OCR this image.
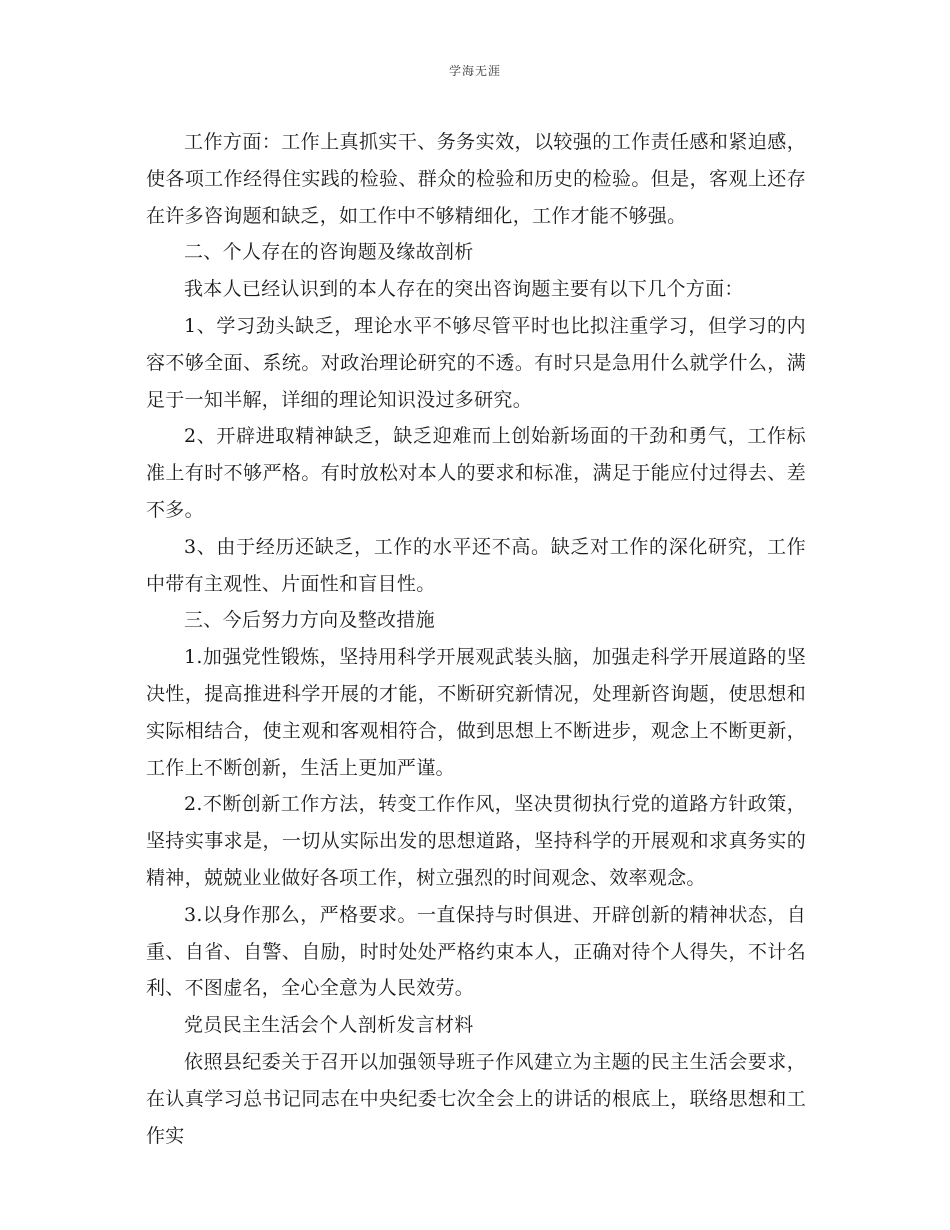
学海无涯

工作方面：工作上真抓实干、务务实效，以较强的工作责任感和紧迫感，使各项工作经得住实践的检验、群众的检验和历史的检验。但是，客观上还存在许多咨询题和缺乏，如工作中不够精细化，工作才能不够强。

二、个人存在的咨询题及缘故剖析

我本人已经认识到的本人存在的突出咨询题主要有以下几个方面：

1、学习劲头缺乏，理论水平不够尽管平时也比拟注重学习，但学习的内容不够全面、系统。对政治理论研究的不透。有时只是急用什么就学什么，满足于一知半解，详细的理论知识没过多研究。

2、开辟进取精神缺乏，缺乏迎难而上创始新场面的干劲和勇气，工作标准上有时不够严格。有时放松对本人的要求和标准，满足于能应付过得去、差不多。

3、由于经历还缺乏，工作的水平还不高。缺乏对工作的深化研究，工作中带有主观性、片面性和盲目性。

三、今后努力方向及整改措施

1.加强党性锻炼，坚持用科学开展观武装头脑，加强走科学开展道路的坚决性，提高推进科学开展的才能，不断研究新情况，处理新咨询题，使思想和实际相结合，使主观和客观相符合，做到思想上不断进步，观念上不断更新，工作上不断创新，生活上更加严谨。

2.不断创新工作方法，转变工作作风，坚决贯彻执行党的道路方针政策，坚持实事求是，一切从实际出发的思想道路，坚持科学的开展观和求真务实的精神，兢兢业业做好各项工作，树立强烈的时间观念、效率观念。

3.以身作那么，严格要求。一直保持与时俱进、开辟创新的精神状态，自重、自省、自警、自励，时时处处严格约束本人，正确对待个人得失，不计名利、不图虚名，全心全意为人民效劳。

党员民主生活会个人剖析发言材料

依照县纪委关于召开以加强领导班子作风建立为主题的民主生活会要求，在认真学习总书记同志在中央纪委七次全会上的讲话的根底上，联络思想和工作实
